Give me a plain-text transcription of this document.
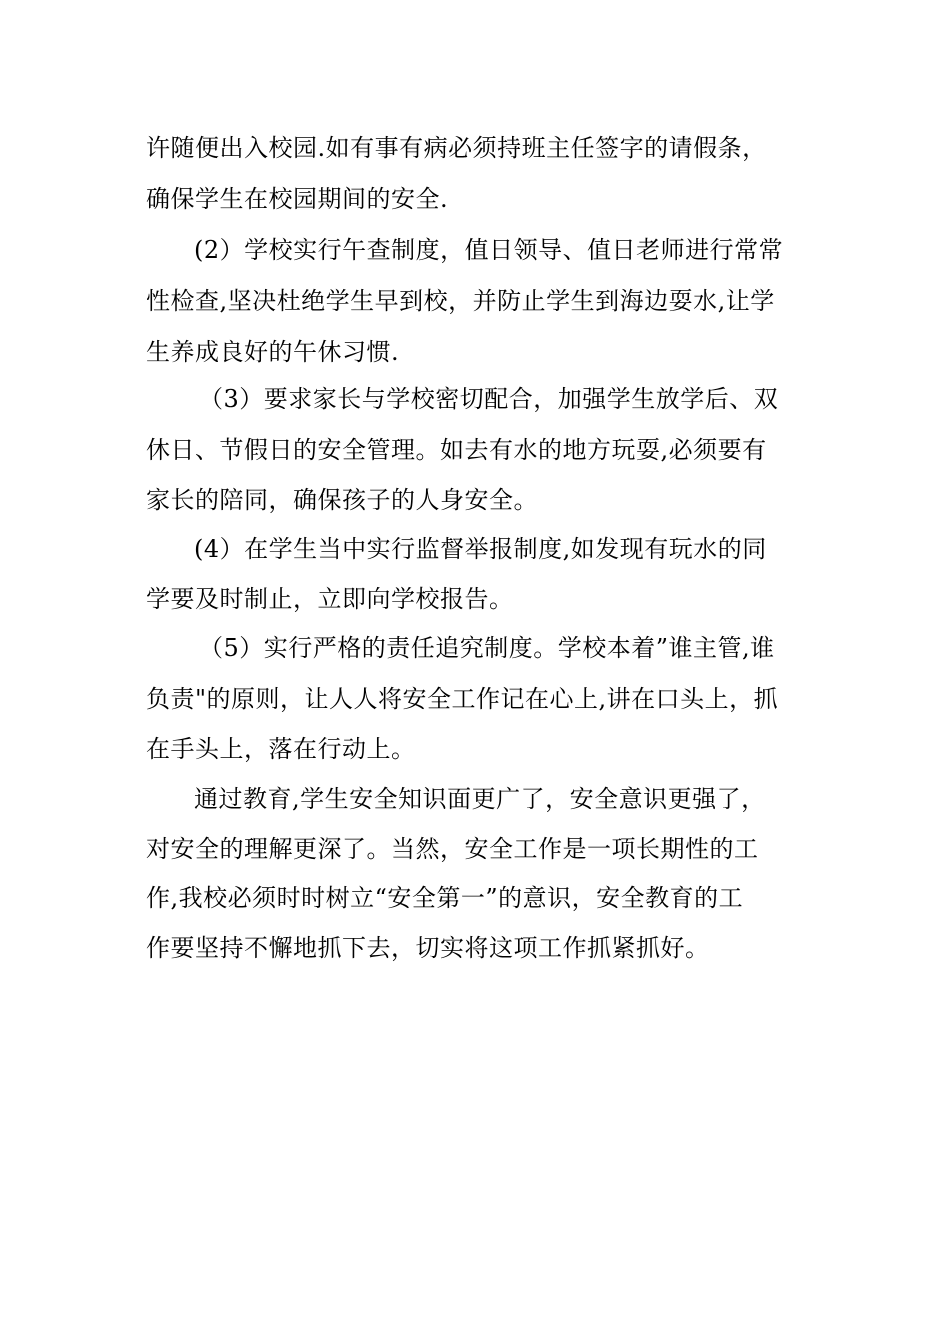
许随便出入校园.如有事有病必须持班主任签字的请假条，
确保学生在校园期间的安全.
(2）学校实行午查制度，值日领导、值日老师进行常常
性检查,坚决杜绝学生早到校，并防止学生到海边耍水,让学
生养成良好的午休习惯.
（3）要求家长与学校密切配合，加强学生放学后、双
休日、节假日的安全管理。如去有水的地方玩耍,必须要有
家长的陪同，确保孩子的人身安全。
(4）在学生当中实行监督举报制度,如发现有玩水的同
学要及时制止，立即向学校报告。
（5）实行严格的责任追究制度。学校本着”谁主管,谁
负责"的原则，让人人将安全工作记在心上,讲在口头上，抓
在手头上，落在行动上。
通过教育,学生安全知识面更广了，安全意识更强了，
对安全的理解更深了。当然，安全工作是一项长期性的工
作,我校必须时时树立“安全第一”的意识，安全教育的工
作要坚持不懈地抓下去，切实将这项工作抓紧抓好。
